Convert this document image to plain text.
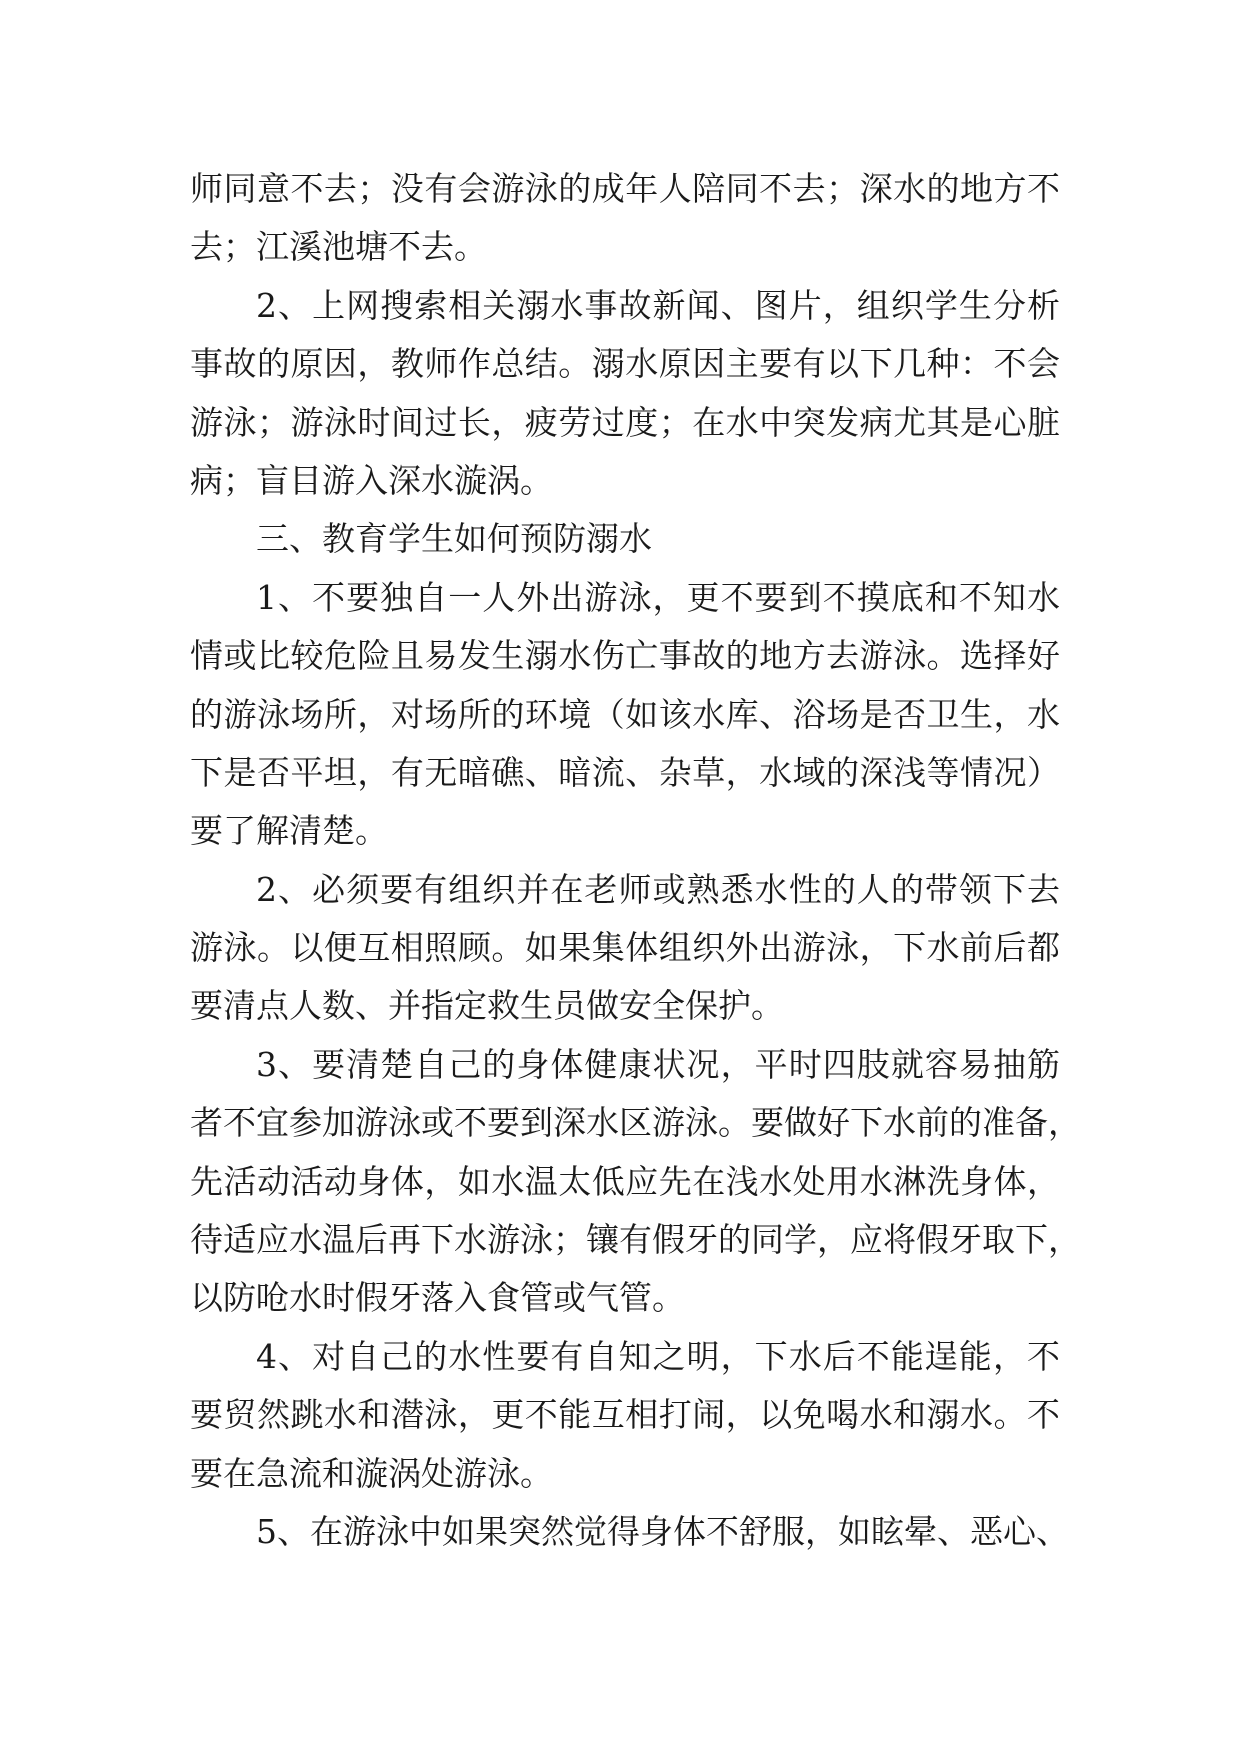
师同意不去；没有会游泳的成年人陪同不去；深水的地方不
去；江溪池塘不去。
2、上网搜索相关溺水事故新闻、图片，组织学生分析
事故的原因，教师作总结。溺水原因主要有以下几种：不会
游泳；游泳时间过长，疲劳过度；在水中突发病尤其是心脏
病；盲目游入深水漩涡。
三、教育学生如何预防溺水
1、不要独自一人外出游泳，更不要到不摸底和不知水
情或比较危险且易发生溺水伤亡事故的地方去游泳。选择好
的游泳场所，对场所的环境（如该水库、浴场是否卫生，水
下是否平坦，有无暗礁、暗流、杂草，水域的深浅等情况）
要了解清楚。
2、必须要有组织并在老师或熟悉水性的人的带领下去
游泳。以便互相照顾。如果集体组织外出游泳，下水前后都
要清点人数、并指定救生员做安全保护。
3、要清楚自己的身体健康状况，平时四肢就容易抽筋
者不宜参加游泳或不要到深水区游泳。要做好下水前的准备，
先活动活动身体，如水温太低应先在浅水处用水淋洗身体，
待适应水温后再下水游泳；镶有假牙的同学，应将假牙取下，
以防呛水时假牙落入食管或气管。
4、对自己的水性要有自知之明，下水后不能逞能，不
要贸然跳水和潜泳，更不能互相打闹，以免喝水和溺水。不
要在急流和漩涡处游泳。
5、在游泳中如果突然觉得身体不舒服，如眩晕、恶心、
